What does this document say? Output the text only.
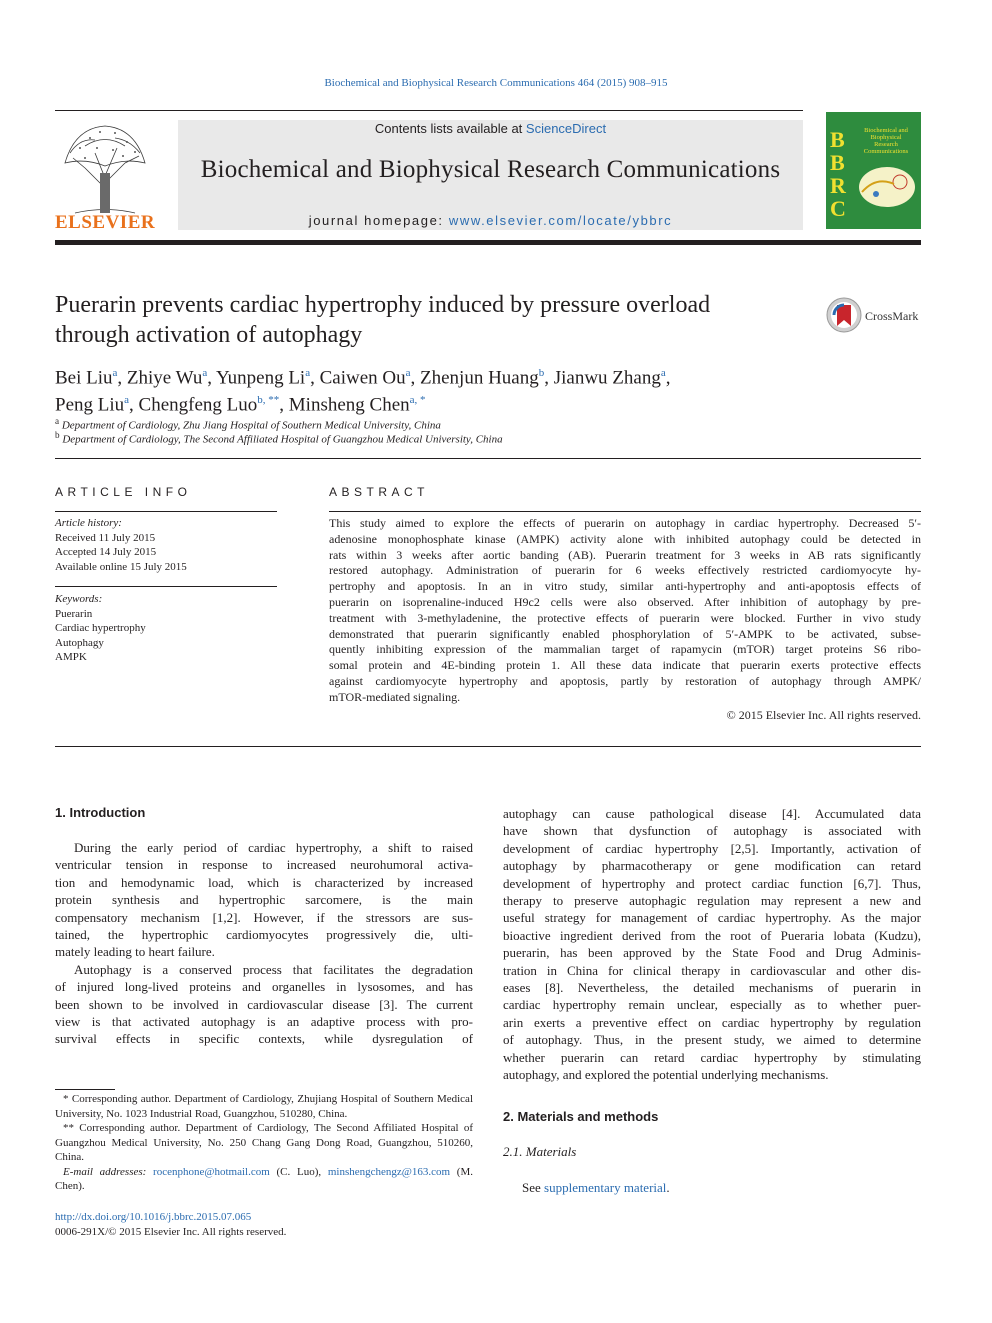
Biochemical and Biophysical Research Communications 464 (2015) 908–915
ELSEVIER
Contents lists available at ScienceDirect
Biochemical and Biophysical Research Communications
journal homepage: www.elsevier.com/locate/ybbrc
B
B
R
C
Biochemical and
Biophysical
Research
Communications
Puerarin prevents cardiac hypertrophy induced by pressure overload
through activation of autophagy
CrossMark
Bei Liu$^a$, Zhiye Wu$^a$, Yunpeng Li$^a$, Caiwen Ou$^a$, Zhenjun Huang$^b$, Jianwu Zhang$^a$,
Peng Liu$^a$, Chengfeng Luo$^{b, **}$, Minsheng Chen$^{a, *}$
$^a$ Department of Cardiology, Zhu Jiang Hospital of Southern Medical University, China
$^b$ Department of Cardiology, The Second Affiliated Hospital of Guangzhou Medical University, China
ARTICLE INFO
Article history:
Received 11 July 2015
Accepted 14 July 2015
Available online 15 July 2015
Keywords:
Puerarin
Cardiac hypertrophy
Autophagy
AMPK
ABSTRACT
This study aimed to explore the effects of puerarin on autophagy in cardiac hypertrophy. Decreased 5′-
adenosine monophosphate kinase (AMPK) activity alone with inhibited autophagy could be detected in
rats within 3 weeks after aortic banding (AB). Puerarin treatment for 3 weeks in AB rats significantly
restored autophagy. Administration of puerarin for 6 weeks effectively restricted cardiomyocyte hy-
pertrophy and apoptosis. In an in vitro study, similar anti-hypertrophy and anti-apoptosis effects of
puerarin on isoprenaline-induced H9c2 cells were also observed. After inhibition of autophagy by pre-
treatment with 3-methyladenine, the protective effects of puerarin were blocked. Further in vivo study
demonstrated that puerarin significantly enabled phosphorylation of 5′-AMPK to be activated, subse-
quently inhibiting expression of the mammalian target of rapamycin (mTOR) target proteins S6 ribo-
somal protein and 4E-binding protein 1. All these data indicate that puerarin exerts protective effects
against cardiomyocyte hypertrophy and apoptosis, partly by restoration of autophagy through AMPK/
mTOR-mediated signaling.
© 2015 Elsevier Inc. All rights reserved.
1. Introduction
During the early period of cardiac hypertrophy, a shift to raised
ventricular tension in response to increased neurohumoral activa-
tion and hemodynamic load, which is characterized by increased
protein synthesis and hypertrophic sarcomere, is the main
compensatory mechanism [1,2]. However, if the stressors are sus-
tained, the hypertrophic cardiomyocytes progressively die, ulti-
mately leading to heart failure.
Autophagy is a conserved process that facilitates the degradation
of injured long-lived proteins and organelles in lysosomes, and has
been shown to be involved in cardiovascular disease [3]. The current
view is that activated autophagy is an adaptive process with pro-
survival effects in specific contexts, while dysregulation of
autophagy can cause pathological disease [4]. Accumulated data
have shown that dysfunction of autophagy is associated with
development of cardiac hypertrophy [2,5]. Importantly, activation of
autophagy by pharmacotherapy or gene modification can retard
development of hypertrophy and protect cardiac function [6,7]. Thus,
therapy to preserve autophagic regulation may represent a new and
useful strategy for management of cardiac hypertrophy. As the major
bioactive ingredient derived from the root of Pueraria lobata (Kudzu),
puerarin, has been approved by the State Food and Drug Adminis-
tration in China for clinical therapy in cardiovascular and other dis-
eases [8]. Nevertheless, the detailed mechanisms of puerarin in
cardiac hypertrophy remain unclear, especially as to whether puer-
arin exerts a preventive effect on cardiac hypertrophy by regulation
of autophagy. Thus, in the present study, we aimed to determine
whether puerarin can retard cardiac hypertrophy by stimulating
autophagy, and explored the potential underlying mechanisms.
2. Materials and methods
2.1. Materials
See supplementary material.

* Corresponding author. Department of Cardiology, Zhujiang Hospital of Southern Medical University, No. 1023 Industrial Road, Guangzhou, 510280, China.

** Corresponding author. Department of Cardiology, The Second Affiliated Hospital of Guangzhou Medical University, No. 250 Chang Gang Dong Road, Guangzhou, 510260, China.

E-mail addresses: rocenphone@hotmail.com (C. Luo), minshengchengz@163.com (M. Chen).

http://dx.doi.org/10.1016/j.bbrc.2015.07.065
0006-291X/© 2015 Elsevier Inc. All rights reserved.
